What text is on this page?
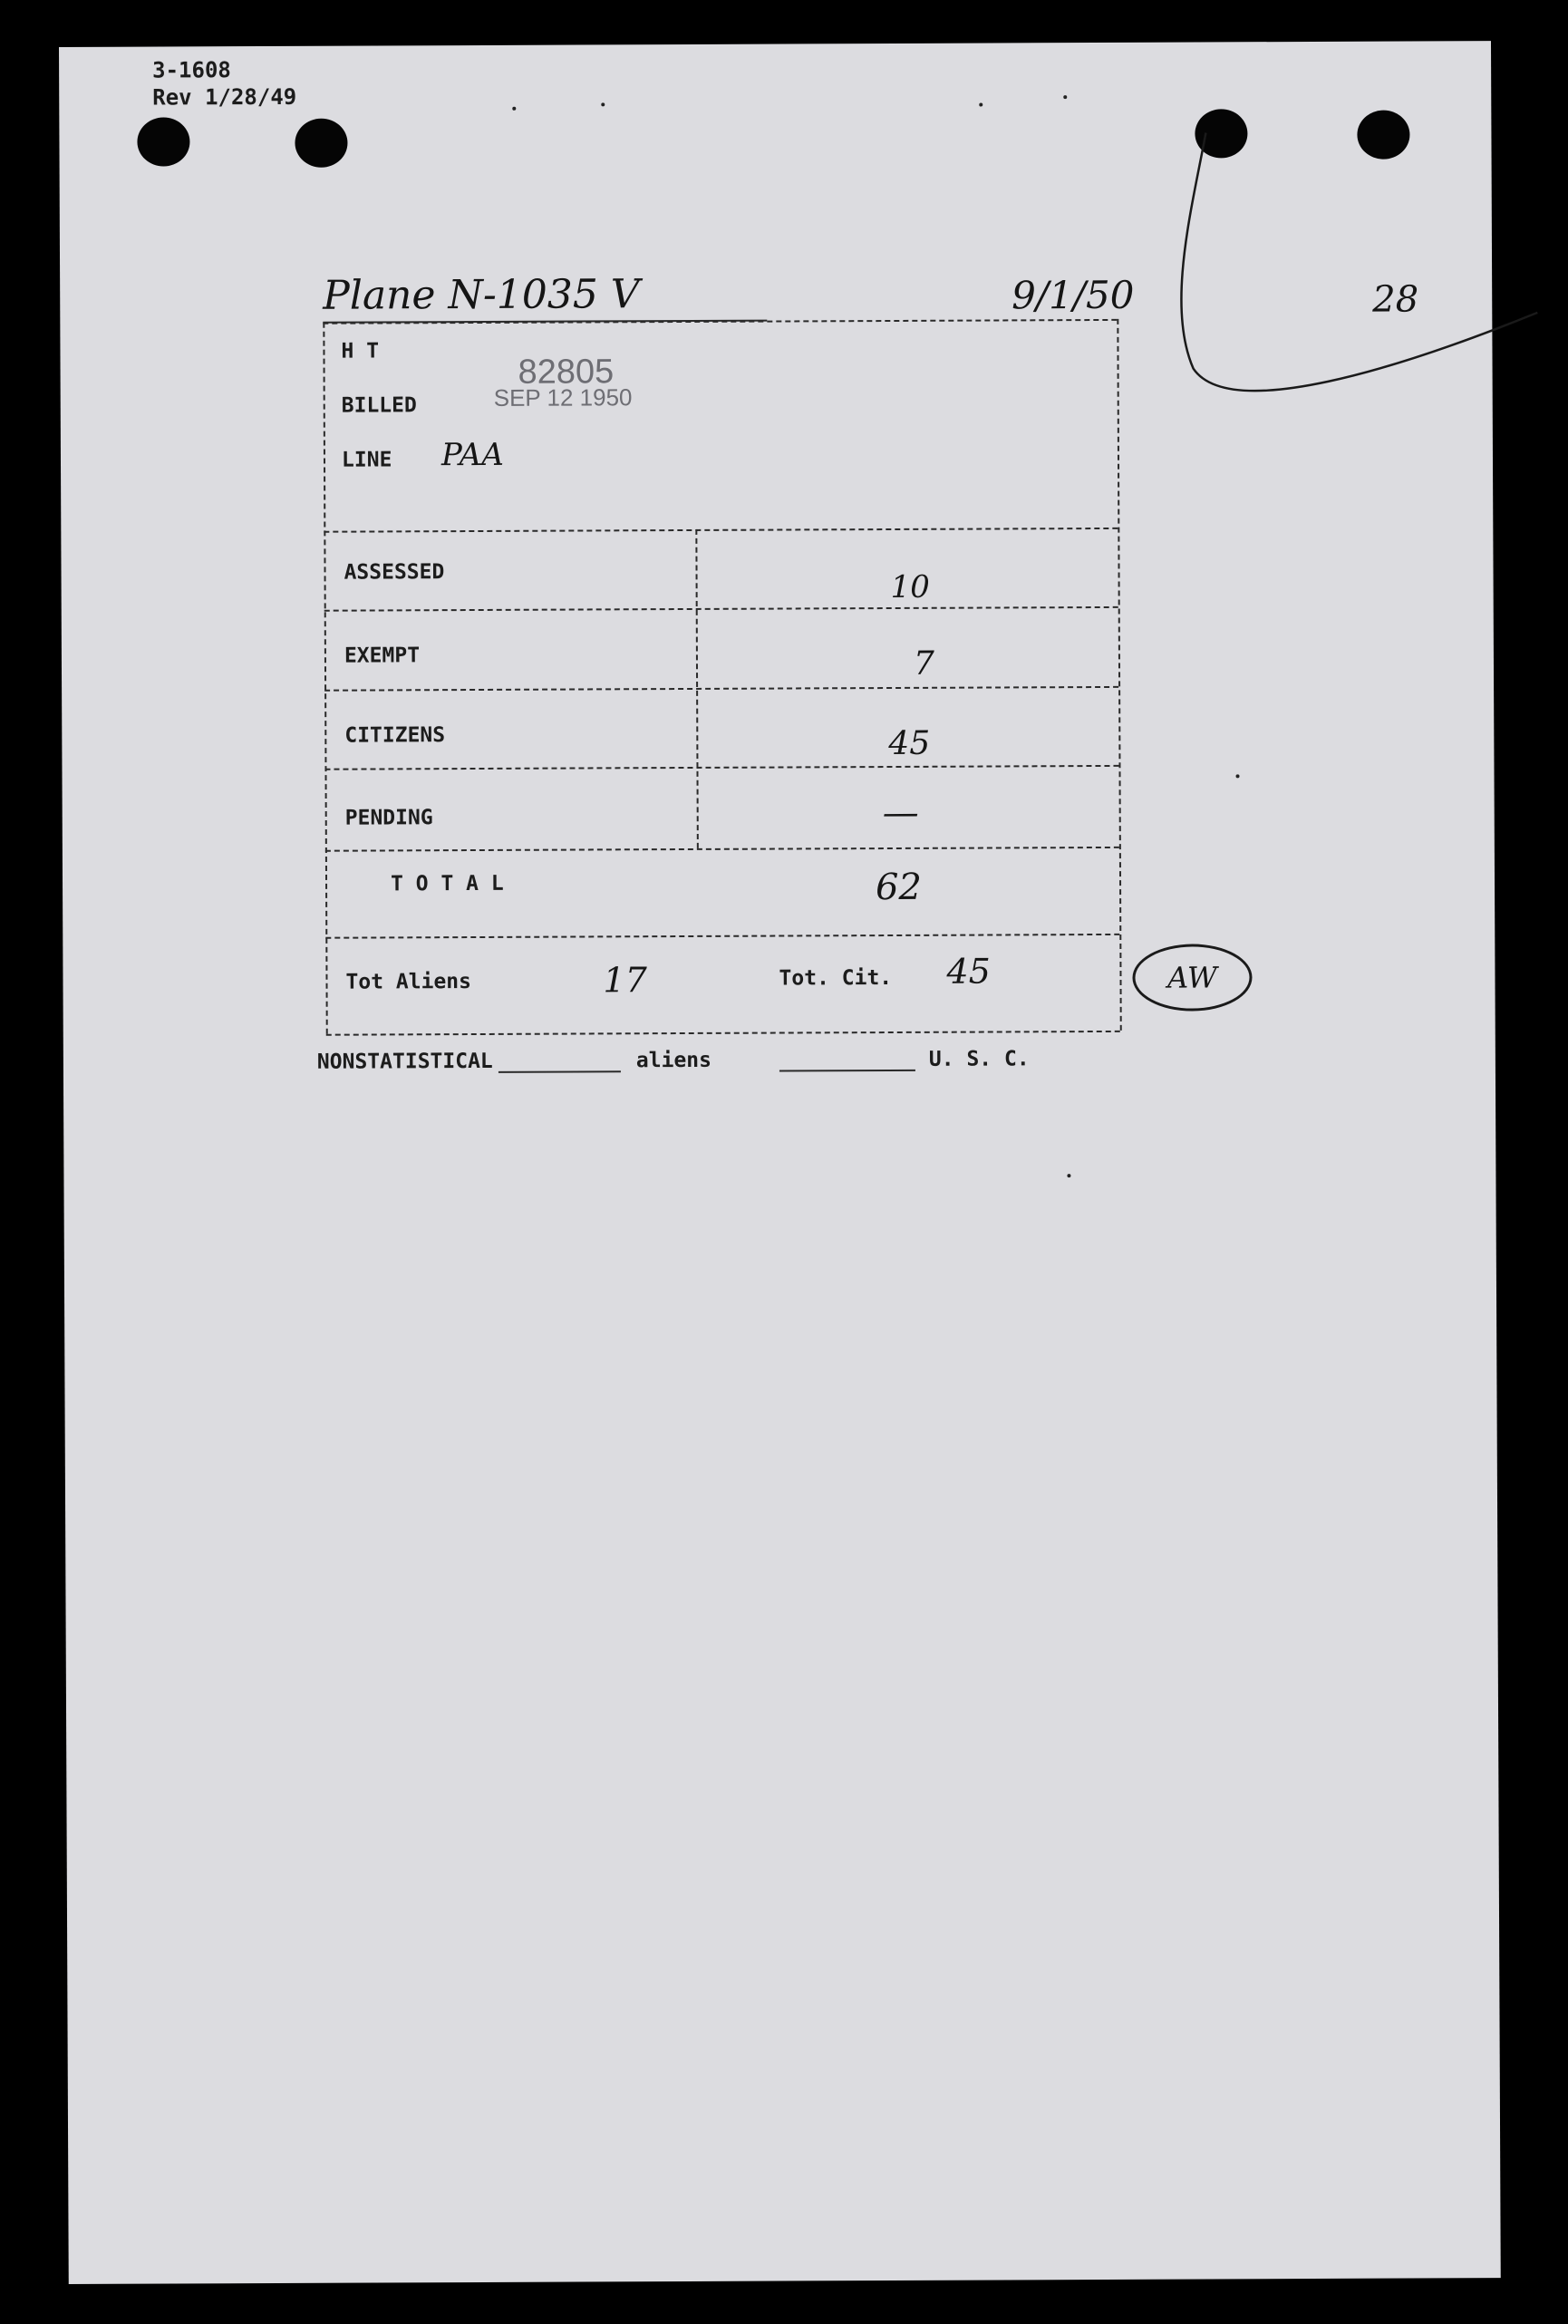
3-1608
Rev 1/28/49
Plane N-1035 V	9/1/50	28
H T
BILLED
82805
SEP 12 1950
LINE PAA
ASSESSED	10
EXEMPT	7
CITIZENS	45
PENDING	—
T O T A L	62
Tot Aliens	17	Tot. Cit. 45	AW
NONSTATISTICAL	aliens	U. S. C.
